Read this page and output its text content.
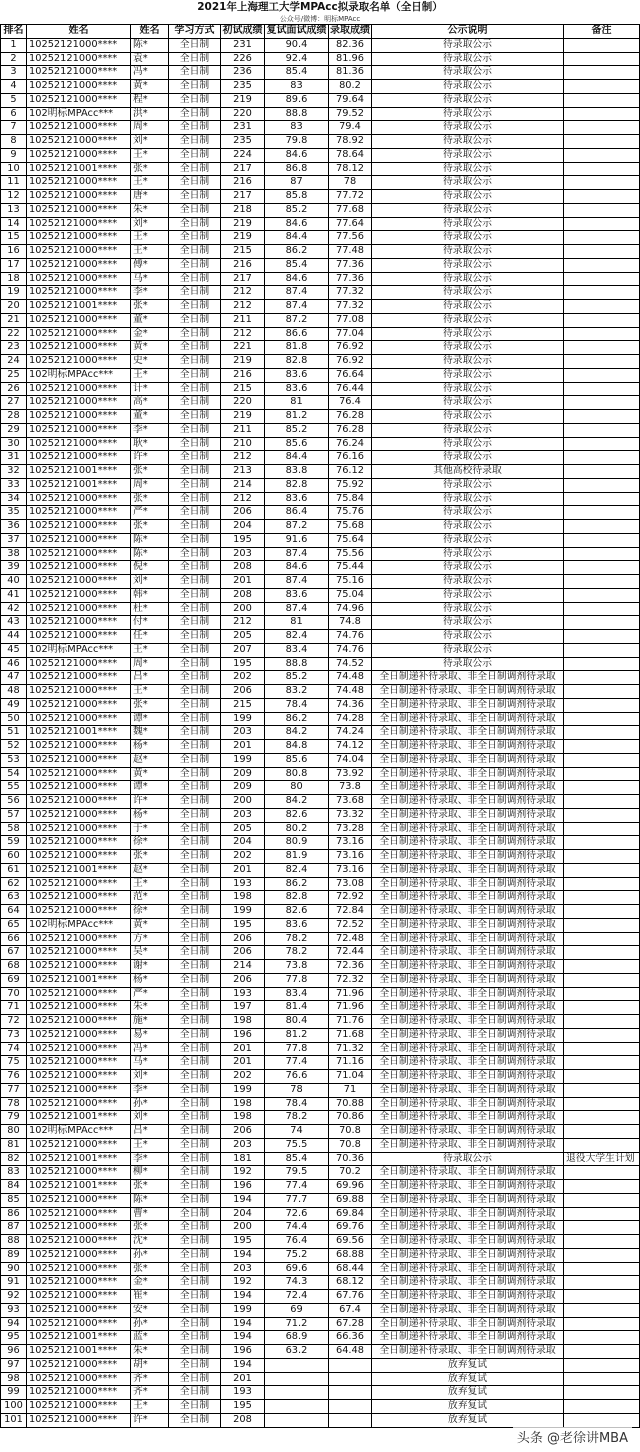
2021年上海理工大学MPAcc拟录取名单（全日制）
公众号/微博：明标MPAcc
排名	姓名	姓名	学习方式	初试成绩	复试面试成绩	录取成绩	公示说明	备注
1	10252121000****	陈*	全日制	231	90.4	82.36	待录取公示	
2	10252121000****	袁*	全日制	226	92.4	81.96	待录取公示	
3	10252121000****	冯*	全日制	236	85.4	81.36	待录取公示	
4	10252121000****	黄*	全日制	235	83	80.2	待录取公示	
5	10252121000****	程*	全日制	219	89.6	79.64	待录取公示	
6	102明标MPAcc***	洪*	全日制	220	88.8	79.52	待录取公示	
7	10252121000****	周*	全日制	231	83	79.4	待录取公示	
8	10252121000****	刘*	全日制	235	79.8	78.92	待录取公示	
9	10252121000****	王*	全日制	224	84.6	78.64	待录取公示	
10	10252121001****	张*	全日制	217	86.8	78.12	待录取公示	
11	10252121000****	王*	全日制	216	87	78	待录取公示	
12	10252121000****	唐*	全日制	217	85.8	77.72	待录取公示	
13	10252121000****	朱*	全日制	218	85.2	77.68	待录取公示	
14	10252121000****	刘*	全日制	219	84.6	77.64	待录取公示	
15	10252121000****	王*	全日制	219	84.4	77.56	待录取公示	
16	10252121000****	王*	全日制	215	86.2	77.48	待录取公示	
17	10252121000****	傅*	全日制	216	85.4	77.36	待录取公示	
18	10252121000****	马*	全日制	217	84.6	77.36	待录取公示	
19	10252121000****	李*	全日制	212	87.4	77.32	待录取公示	
20	10252121001****	张*	全日制	212	87.4	77.32	待录取公示	
21	10252121000****	董*	全日制	211	87.2	77.08	待录取公示	
22	10252121000****	金*	全日制	212	86.6	77.04	待录取公示	
23	10252121000****	黄*	全日制	221	81.8	76.92	待录取公示	
24	10252121000****	史*	全日制	219	82.8	76.92	待录取公示	
25	102明标MPAcc***	王*	全日制	216	83.6	76.64	待录取公示	
26	10252121000****	计*	全日制	215	83.6	76.44	待录取公示	
27	10252121000****	高*	全日制	220	81	76.4	待录取公示	
28	10252121000****	董*	全日制	219	81.2	76.28	待录取公示	
29	10252121000****	李*	全日制	211	85.2	76.28	待录取公示	
30	10252121000****	耿*	全日制	210	85.6	76.24	待录取公示	
31	10252121000****	许*	全日制	212	84.4	76.16	待录取公示	
32	10252121001****	张*	全日制	213	83.8	76.12	其他高校待录取	
33	10252121001****	周*	全日制	214	82.8	75.92	待录取公示	
34	10252121000****	张*	全日制	212	83.6	75.84	待录取公示	
35	10252121000****	严*	全日制	206	86.4	75.76	待录取公示	
36	10252121000****	张*	全日制	204	87.2	75.68	待录取公示	
37	10252121000****	陈*	全日制	195	91.6	75.64	待录取公示	
38	10252121000****	陈*	全日制	203	87.4	75.56	待录取公示	
39	10252121000****	倪*	全日制	208	84.6	75.44	待录取公示	
40	10252121000****	刘*	全日制	201	87.4	75.16	待录取公示	
41	10252121000****	韩*	全日制	208	83.6	75.04	待录取公示	
42	10252121000****	杜*	全日制	200	87.4	74.96	待录取公示	
43	10252121000****	付*	全日制	212	81	74.8	待录取公示	
44	10252121000****	任*	全日制	205	82.4	74.76	待录取公示	
45	102明标MPAcc***	王*	全日制	207	83.4	74.76	待录取公示	
46	10252121000****	周*	全日制	195	88.8	74.52	待录取公示	
47	10252121000****	吕*	全日制	202	85.2	74.48	全日制递补待录取、非全日制调剂待录取	
48	10252121000****	王*	全日制	206	83.2	74.48	全日制递补待录取、非全日制调剂待录取	
49	10252121000****	张*	全日制	215	78.4	74.36	全日制递补待录取、非全日制调剂待录取	
50	10252121000****	谭*	全日制	199	86.2	74.28	全日制递补待录取、非全日制调剂待录取	
51	10252121001****	魏*	全日制	203	84.2	74.24	全日制递补待录取、非全日制调剂待录取	
52	10252121000****	杨*	全日制	201	84.8	74.12	全日制递补待录取、非全日制调剂待录取	
53	10252121000****	赵*	全日制	199	85.6	74.04	全日制递补待录取、非全日制调剂待录取	
54	10252121000****	黄*	全日制	209	80.8	73.92	全日制递补待录取、非全日制调剂待录取	
55	10252121000****	谭*	全日制	209	80	73.8	全日制递补待录取、非全日制调剂待录取	
56	10252121000****	许*	全日制	200	84.2	73.68	全日制递补待录取、非全日制调剂待录取	
57	10252121000****	杨*	全日制	203	82.6	73.32	全日制递补待录取、非全日制调剂待录取	
58	10252121000****	于*	全日制	205	80.2	73.28	全日制递补待录取、非全日制调剂待录取	
59	10252121000****	徐*	全日制	204	80.9	73.16	全日制递补待录取、非全日制调剂待录取	
60	10252121000****	张*	全日制	202	81.9	73.16	全日制递补待录取、非全日制调剂待录取	
61	10252121001****	赵*	全日制	201	82.4	73.16	全日制递补待录取、非全日制调剂待录取	
62	10252121000****	王*	全日制	193	86.2	73.08	全日制递补待录取、非全日制调剂待录取	
63	10252121000****	范*	全日制	198	82.8	72.92	全日制递补待录取、非全日制调剂待录取	
64	10252121000****	徐*	全日制	199	82.6	72.84	全日制递补待录取、非全日制调剂待录取	
65	102明标MPAcc***	黄*	全日制	195	83.6	72.52	全日制递补待录取、非全日制调剂待录取	
66	10252121000****	方*	全日制	206	78.2	72.48	全日制递补待录取、非全日制调剂待录取	
67	10252121000****	吴*	全日制	206	78.2	72.44	全日制递补待录取、非全日制调剂待录取	
68	10252121000****	谢*	全日制	214	73.8	72.36	全日制递补待录取、非全日制调剂待录取	
69	10252121001****	杨*	全日制	206	77.8	72.32	全日制递补待录取、非全日制调剂待录取	
70	10252121000****	严*	全日制	193	83.4	71.96	全日制递补待录取、非全日制调剂待录取	
71	10252121000****	朱*	全日制	197	81.4	71.96	全日制递补待录取、非全日制调剂待录取	
72	10252121000****	施*	全日制	198	80.4	71.76	全日制递补待录取、非全日制调剂待录取	
73	10252121000****	易*	全日制	196	81.2	71.68	全日制递补待录取、非全日制调剂待录取	
74	10252121000****	冯*	全日制	201	77.8	71.32	全日制递补待录取、非全日制调剂待录取	
75	10252121000****	马*	全日制	201	77.4	71.16	全日制递补待录取、非全日制调剂待录取	
76	10252121000****	刘*	全日制	202	76.6	71.04	全日制递补待录取、非全日制调剂待录取	
77	10252121000****	李*	全日制	199	78	71	全日制递补待录取、非全日制调剂待录取	
78	10252121000****	孙*	全日制	198	78.4	70.88	全日制递补待录取、非全日制调剂待录取	
79	10252121001****	刘*	全日制	198	78.2	70.86	全日制递补待录取、非全日制调剂待录取	
80	102明标MPAcc***	吕*	全日制	206	74	70.8	全日制递补待录取、非全日制调剂待录取	
81	10252121000****	王*	全日制	203	75.5	70.8	全日制递补待录取、非全日制调剂待录取	
82	10252121001****	李*	全日制	181	85.4	70.36	待录取公示	退役大学生计划
83	10252121000****	柳*	全日制	192	79.5	70.2	全日制递补待录取、非全日制调剂待录取	
84	10252121001****	张*	全日制	196	77.4	69.96	全日制递补待录取、非全日制调剂待录取	
85	10252121000****	陈*	全日制	194	77.7	69.88	全日制递补待录取、非全日制调剂待录取	
86	10252121000****	曹*	全日制	204	72.6	69.84	全日制递补待录取、非全日制调剂待录取	
87	10252121000****	张*	全日制	200	74.4	69.76	全日制递补待录取、非全日制调剂待录取	
88	10252121000****	沈*	全日制	195	76.4	69.56	全日制递补待录取、非全日制调剂待录取	
89	10252121000****	孙*	全日制	194	75.2	68.88	全日制递补待录取、非全日制调剂待录取	
90	10252121000****	张*	全日制	203	69.6	68.44	全日制递补待录取、非全日制调剂待录取	
91	10252121000****	金*	全日制	192	74.3	68.12	全日制递补待录取、非全日制调剂待录取	
92	10252121000****	崔*	全日制	194	72.4	67.76	全日制递补待录取、非全日制调剂待录取	
93	10252121000****	安*	全日制	199	69	67.4	全日制递补待录取、非全日制调剂待录取	
94	10252121000****	孙*	全日制	194	71.2	67.28	全日制递补待录取、非全日制调剂待录取	
95	10252121001****	蓝*	全日制	194	68.9	66.36	全日制递补待录取、非全日制调剂待录取	
96	10252121001****	朱*	全日制	196	63.2	64.48	全日制递补待录取、非全日制调剂待录取	
97	10252121000****	胡*	全日制	194			放弃复试	
98	10252121000****	齐*	全日制	201			放弃复试	
99	10252121000****	齐*	全日制	193			放弃复试	
100	10252121000****	王*	全日制	195			放弃复试	
101	10252121000****	许*	全日制	208			放弃复试	
头条 @老徐讲MBA
